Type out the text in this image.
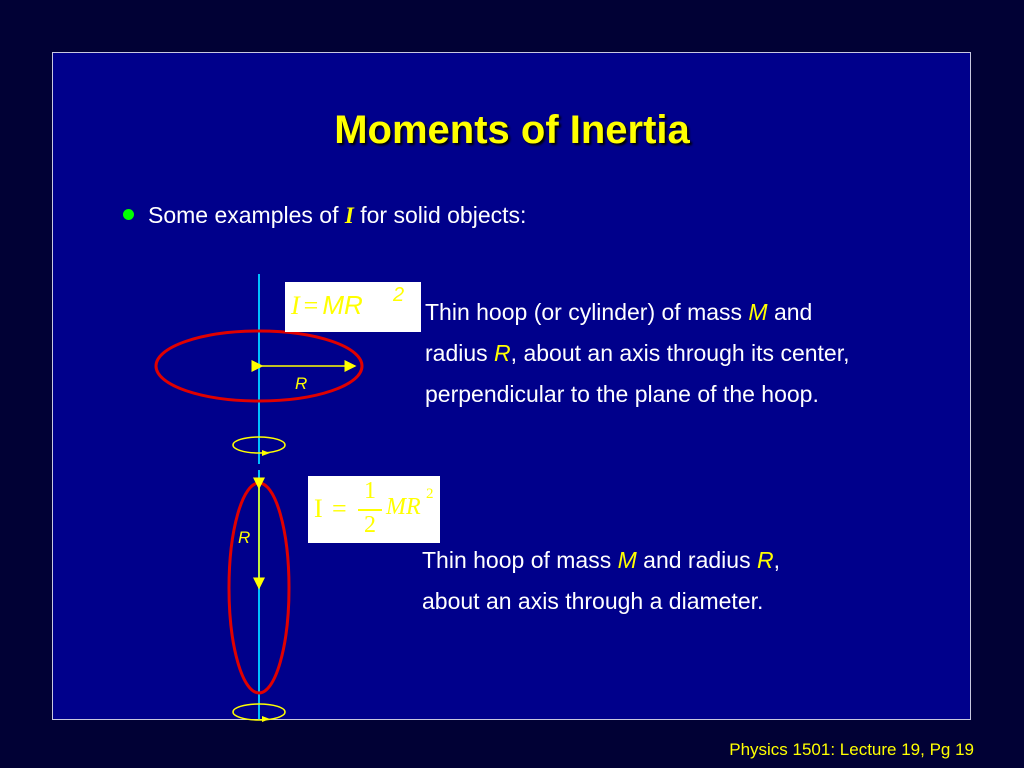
Moments of Inertia
Some examples of I for solid objects:
R
R
I = MR 2
Thin hoop (or cylinder) of mass M and
radius R, about an axis through its center,
perpendicular to the plane of the hoop.
I =
1
2
MR 2
Thin hoop of mass M and radius R,
about an axis through a diameter.
Physics 1501: Lecture 19, Pg 19
